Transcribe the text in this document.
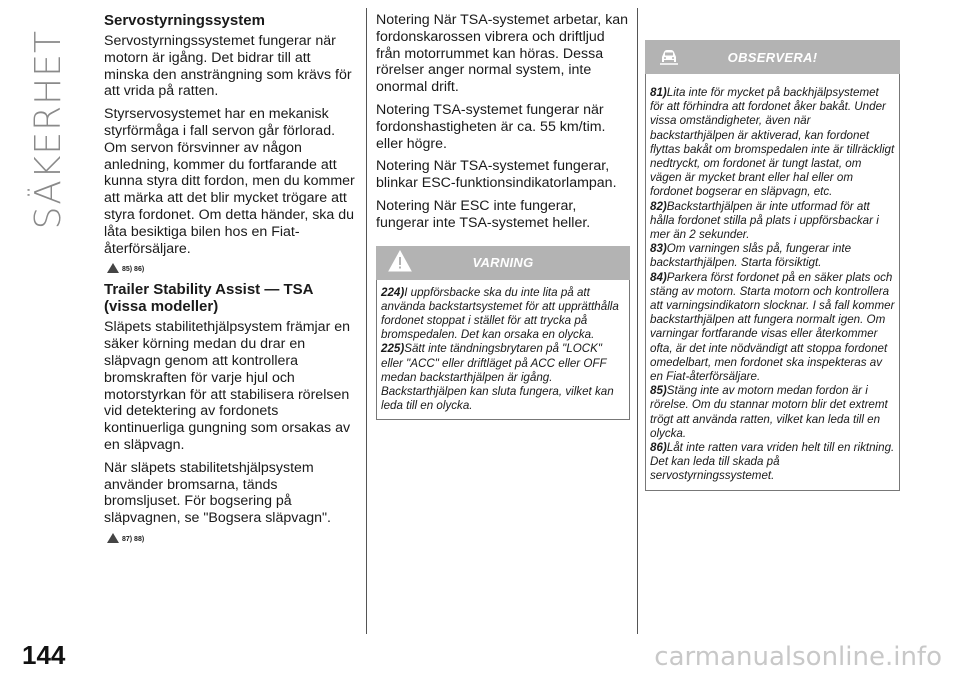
SÄKERHET
144	carmanualsonline.info
Servostyrningssystem

Servostyrningssystemet fungerar när motorn är igång. Det bidrar till att minska den ansträngning som krävs för att vrida på ratten.

Styrservosystemet har en mekanisk styrförmåga i fall servon går förlorad. Om servon försvinner av någon anledning, kommer du fortfarande att kunna styra ditt fordon, men du kommer att märka att det blir mycket trögare att styra fordonet. Om detta händer, ska du låta besiktiga bilen hos en Fiat-återförsäljare.

85) 86)
Trailer Stability Assist — TSA (vissa modeller)

Släpets stabilitethjälpsystem främjar en säker körning medan du drar en släpvagn genom att kontrollera bromskraften för varje hjul och motorstyrkan för att stabilisera rörelsen vid detektering av fordonets kontinuerliga gungning som orsakas av en släpvagn.

När släpets stabilitetshjälpsystem använder bromsarna, tänds bromsljuset. För bogsering på släpvagnen, se "Bogsera släpvagn".

87) 88)

Notering När TSA-systemet arbetar, kan fordonskarossen vibrera och driftljud från motorrummet kan höras. Dessa rörelser anger normal system, inte onormal drift.

Notering TSA-systemet fungerar när fordonshastigheten är ca. 55 km/tim. eller högre.

Notering När TSA-systemet fungerar, blinkar ESC-funktionsindikatorlampan.

Notering När ESC inte fungerar, fungerar inte TSA-systemet heller.

VARNING

224)I uppförsbacke ska du inte lita på att använda backstartsystemet för att upprätthålla fordonet stoppat i stället för att trycka på bromspedalen. Det kan orsaka en olycka.

225)Sätt inte tändningsbrytaren på "LOCK" eller "ACC" eller driftläget på ACC eller OFF medan backstarthjälpen är igång. Backstarthjälpen kan sluta fungera, vilket kan leda till en olycka.

OBSERVERA!

81)Lita inte för mycket på backhjälpsystemet för att förhindra att fordonet åker bakåt. Under vissa omständigheter, även när backstarthjälpen är aktiverad, kan fordonet flyttas bakåt om bromspedalen inte är tillräckligt nedtryckt, om fordonet är tungt lastat, om vägen är mycket brant eller hal eller om fordonet bogserar en släpvagn, etc.

82)Backstarthjälpen är inte utformad för att hålla fordonet stilla på plats i uppförsbackar i mer än 2 sekunder.

83)Om varningen slås på, fungerar inte backstarthjälpen. Starta försiktigt.

84)Parkera först fordonet på en säker plats och stäng av motorn. Starta motorn och kontrollera att varningsindikatorn slocknar. I så fall kommer backstarthjälpen att fungera normalt igen. Om varningar fortfarande visas eller återkommer ofta, är det inte nödvändigt att stoppa fordonet omedelbart, men fordonet ska inspekteras av en Fiat-återförsäljare.

85)Stäng inte av motorn medan fordon är i rörelse. Om du stannar motorn blir det extremt trögt att använda ratten, vilket kan leda till en olycka.

86)Låt inte ratten vara vriden helt till en riktning. Det kan leda till skada på servostyrningssystemet.
